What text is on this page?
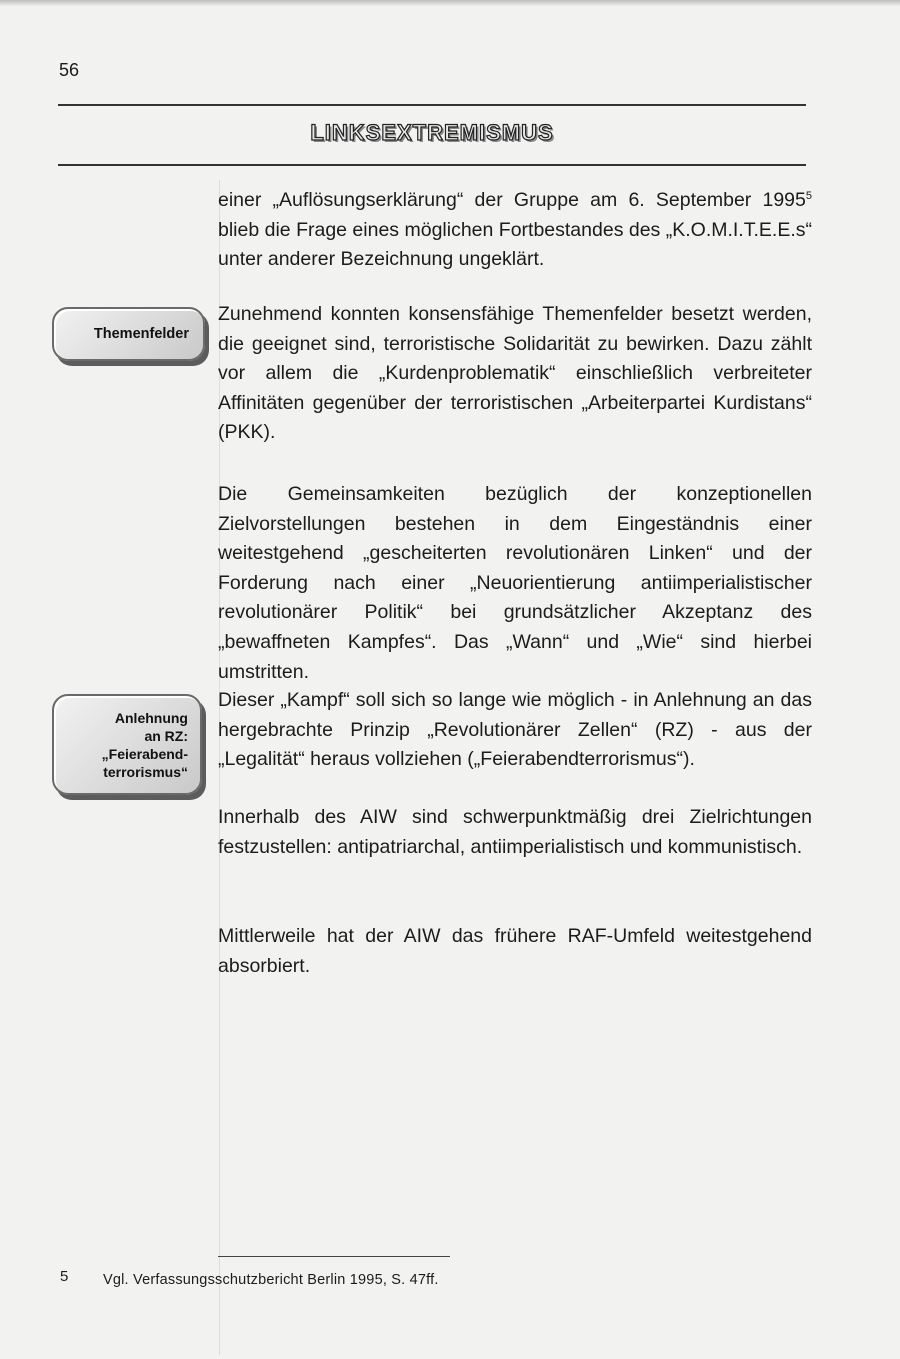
56
LINKSEXTREMISMUS

einer „Auflösungserklärung“ der Gruppe am 6. September 1995$^5$ blieb die Frage eines möglichen Fortbestandes des „K.O.M.I.T.E.E.s“ unter anderer Bezeichnung ungeklärt.

Themenfelder

Zunehmend konnten konsensfähige Themenfelder besetzt werden, die geeignet sind, terroristische Solidarität zu bewirken. Dazu zählt vor allem die „Kurdenproblematik“ einschließlich verbreiteter Affinitäten gegenüber der terroristischen „Arbeiterpartei Kurdistans“ (PKK).

Die Gemeinsamkeiten bezüglich der konzeptionellen Zielvorstellungen bestehen in dem Eingeständnis einer weitestgehend „gescheiterten revolutionären Linken“ und der Forderung nach einer „Neuorientierung antiimperialistischer revolutionärer Politik“ bei grundsätzlicher Akzeptanz des „bewaffneten Kampfes“. Das „Wann“ und „Wie“ sind hierbei umstritten.

Anlehnung
an RZ:
„Feierabend-
terrorismus“

Dieser „Kampf“ soll sich so lange wie möglich - in Anlehnung an das hergebrachte Prinzip „Revolutionärer Zellen“ (RZ) - aus der „Legalität“ heraus vollziehen („Feierabendterrorismus“).

Innerhalb des AIW sind schwerpunktmäßig drei Zielrichtungen festzustellen: antipatriarchal, antiimperialistisch und kommunistisch.

Mittlerweile hat der AIW das frühere RAF-Umfeld weitestgehend absorbiert.

5 Vgl. Verfassungsschutzbericht Berlin 1995, S. 47ff.
